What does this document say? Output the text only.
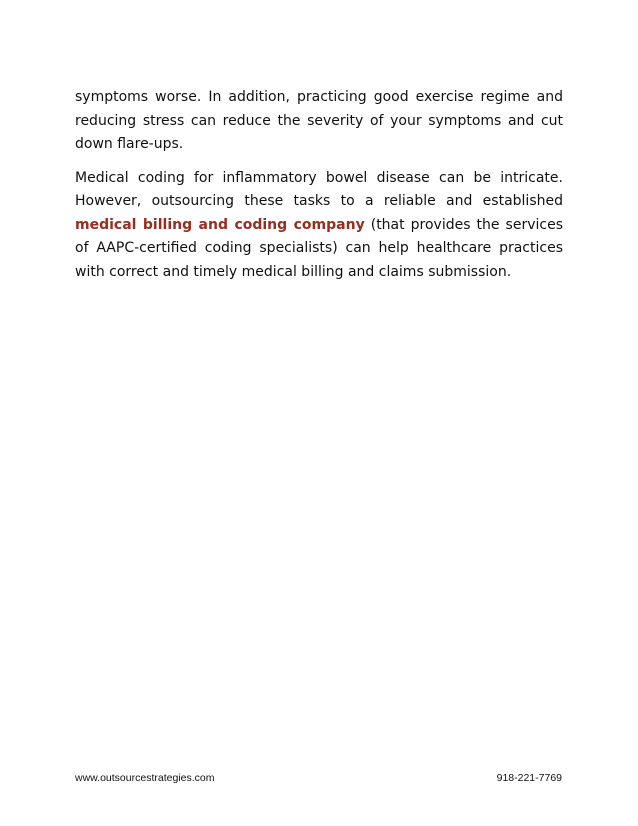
symptoms worse. In addition, practicing good exercise regime and reducing stress can reduce the severity of your symptoms and cut down flare-ups.

Medical coding for inflammatory bowel disease can be intricate. However, outsourcing these tasks to a reliable and established medical billing and coding company (that provides the services of AAPC-certified coding specialists) can help healthcare practices with correct and timely medical billing and claims submission.

www.outsourcestrategies.com	918-221-7769
